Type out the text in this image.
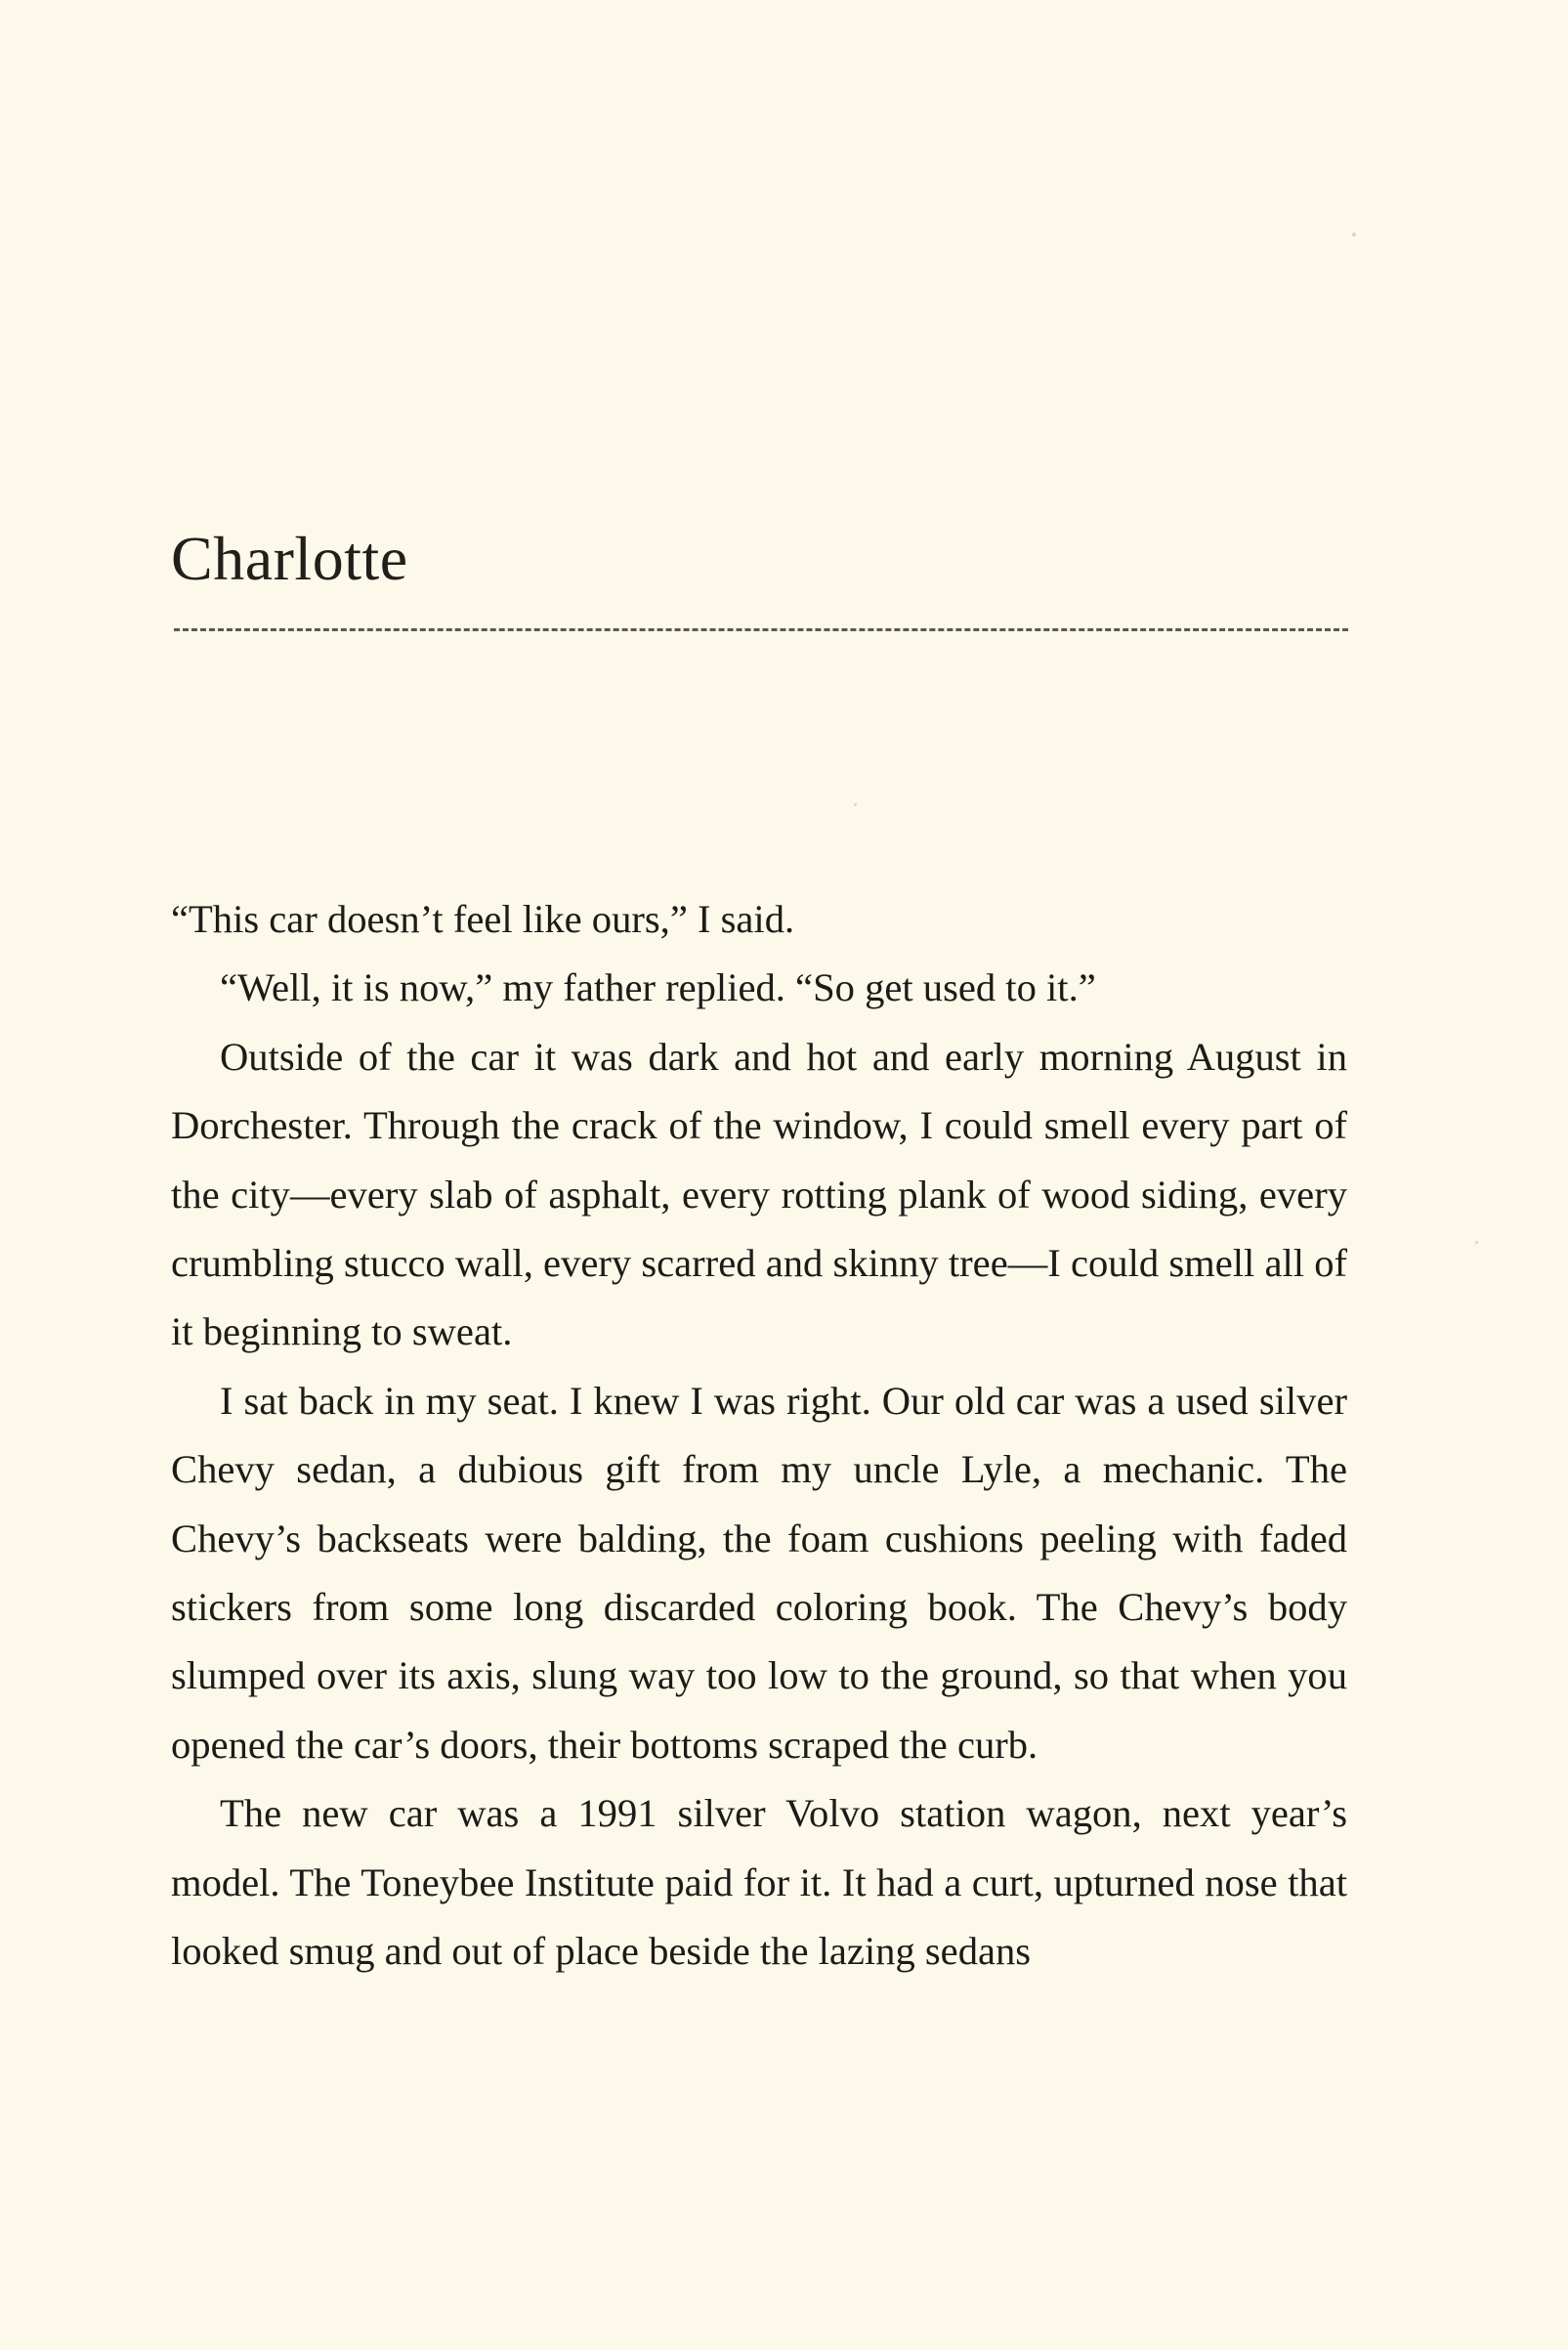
Charlotte

“This car doesn’t feel like ours,” I said.

“Well, it is now,” my father replied. “So get used to it.”

Outside of the car it was dark and hot and early morning August in Dorchester. Through the crack of the window, I could smell every part of the city—every slab of asphalt, every rotting plank of wood siding, every crumbling stucco wall, every scarred and skinny tree—I could smell all of it beginning to sweat.

I sat back in my seat. I knew I was right. Our old car was a used silver Chevy sedan, a dubious gift from my uncle Lyle, a mechanic. The Chevy’s backseats were balding, the foam cushions peeling with faded stickers from some long discarded coloring book. The Chevy’s body slumped over its axis, slung way too low to the ground, so that when you opened the car’s doors, their bottoms scraped the curb.

The new car was a 1991 silver Volvo station wagon, next year’s model. The Toneybee Institute paid for it. It had a curt, upturned nose that looked smug and out of place beside the lazing sedans
